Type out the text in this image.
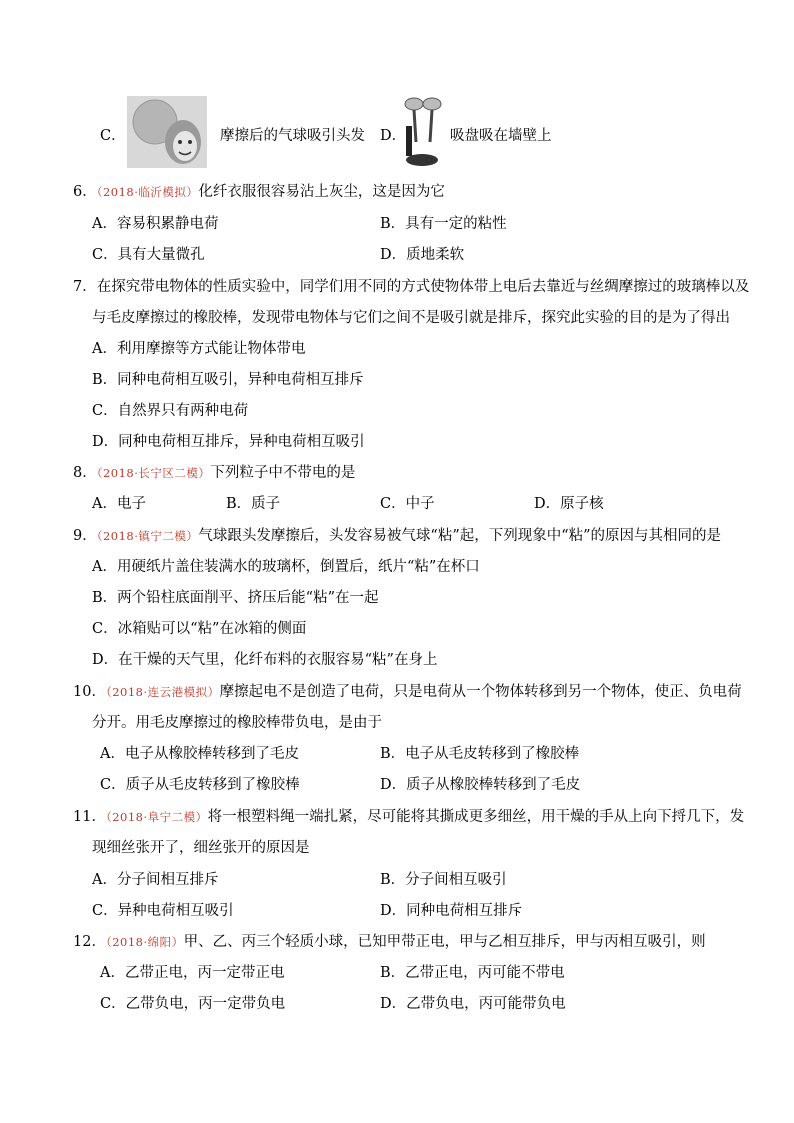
C．	摩擦后的气球吸引头发 D．	吸盘吸在墙壁上
6．（2018·临沂模拟）化纤衣服很容易沾上灰尘，这是因为它
A．容易积累静电荷	B．具有一定的粘性
C．具有大量微孔	D．质地柔软
7．在探究带电物体的性质实验中，同学们用不同的方式使物体带上电后去靠近与丝绸摩擦过的玻璃棒以及
与毛皮摩擦过的橡胶棒，发现带电物体与它们之间不是吸引就是排斥，探究此实验的目的是为了得出
A．利用摩擦等方式能让物体带电
B．同种电荷相互吸引，异种电荷相互排斥
C．自然界只有两种电荷
D．同种电荷相互排斥，异种电荷相互吸引
8．（2018·长宁区二模）下列粒子中不带电的是
A．电子	B．质子	C．中子	D．原子核
9．（2018·镇宁二模）气球跟头发摩擦后，头发容易被气球“粘”起，下列现象中“粘”的原因与其相同的是
A．用硬纸片盖住装满水的玻璃杯，倒置后，纸片“粘”在杯口
B．两个铅柱底面削平、挤压后能“粘”在一起
C．冰箱贴可以“粘”在冰箱的侧面
D．在干燥的天气里，化纤布料的衣服容易“粘”在身上
10．（2018·连云港模拟）摩擦起电不是创造了电荷，只是电荷从一个物体转移到另一个物体，使正、负电荷
分开。用毛皮摩擦过的橡胶棒带负电，是由于
A．电子从橡胶棒转移到了毛皮	B．电子从毛皮转移到了橡胶棒
C．质子从毛皮转移到了橡胶棒	D．质子从橡胶棒转移到了毛皮
11．（2018·阜宁二模）将一根塑料绳一端扎紧，尽可能将其撕成更多细丝，用干燥的手从上向下捋几下，发
现细丝张开了，细丝张开的原因是
A．分子间相互排斥	B．分子间相互吸引
C．异种电荷相互吸引	D．同种电荷相互排斥
12．（2018·绵阳）甲、乙、丙三个轻质小球，已知甲带正电，甲与乙相互排斥，甲与丙相互吸引，则
A．乙带正电，丙一定带正电	B．乙带正电，丙可能不带电
C．乙带负电，丙一定带负电	D．乙带负电，丙可能带负电
